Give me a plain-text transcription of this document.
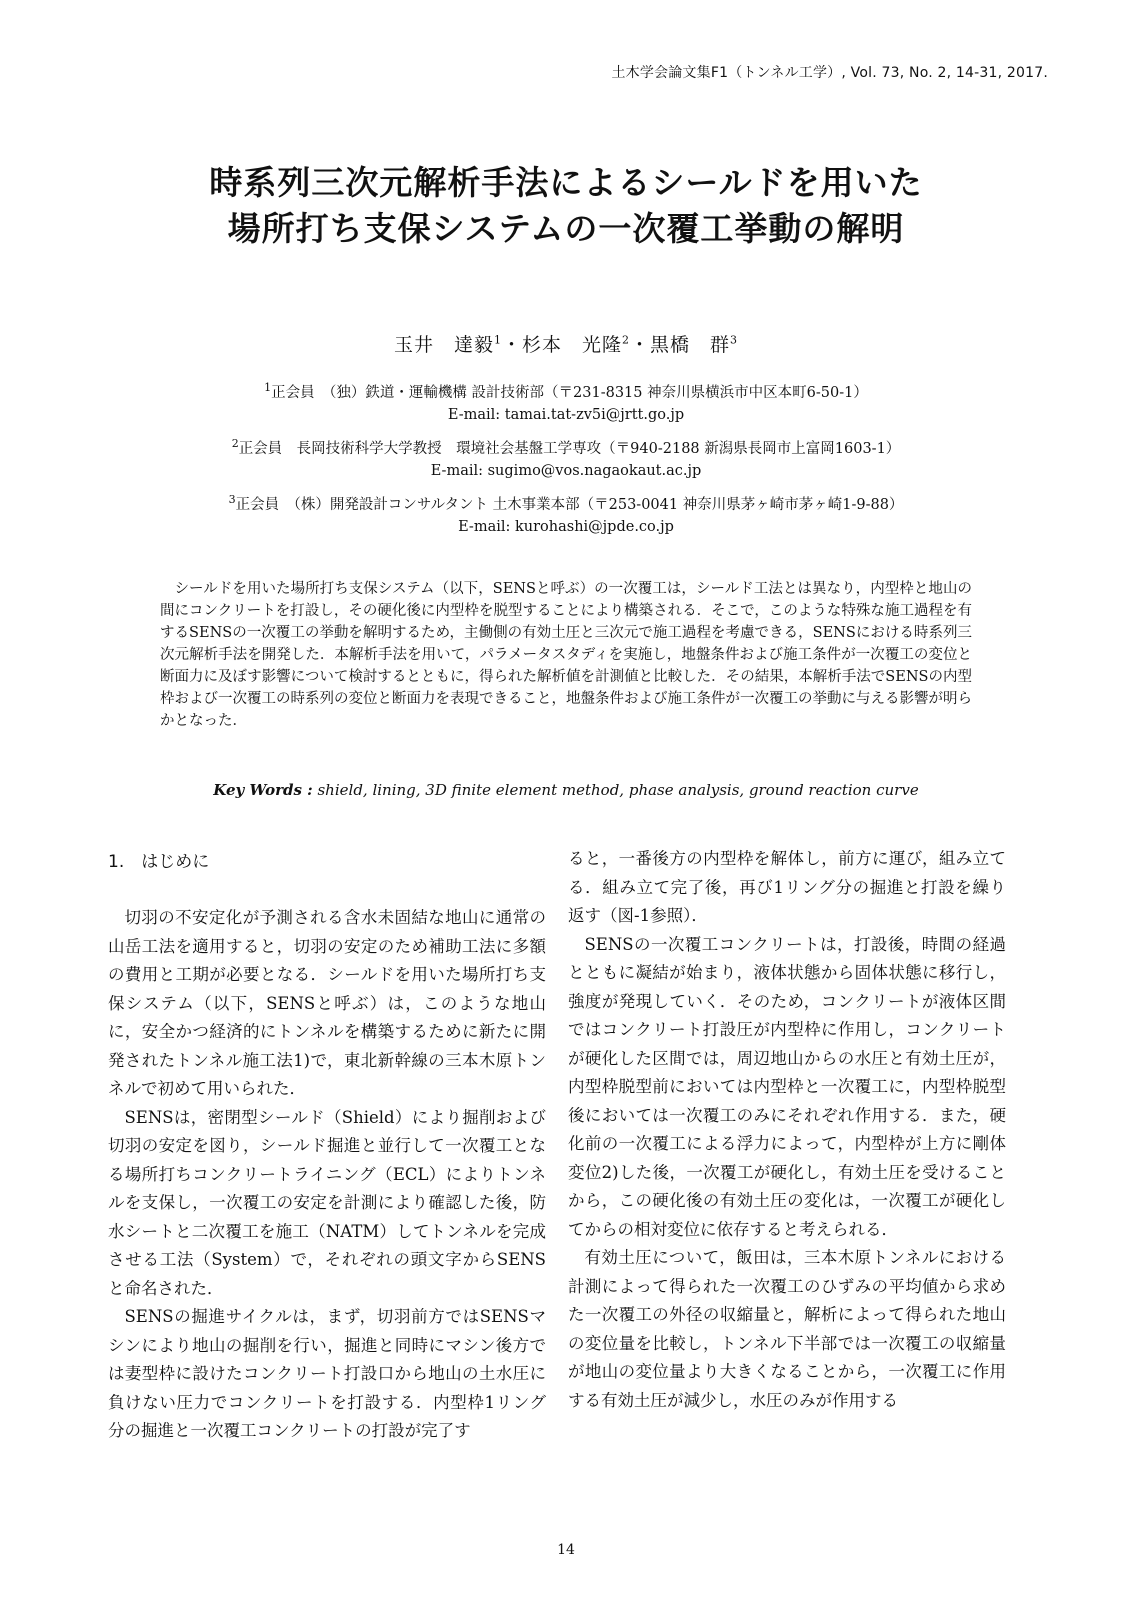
土木学会論文集F1（トンネル工学）, Vol. 73, No. 2, 14-31, 2017.
時系列三次元解析手法によるシールドを用いた
場所打ち支保システムの一次覆工挙動の解明
玉井　達毅$^1$・杉本　光隆$^2$・黒橋　群$^3$
$^1$正会員　（独）鉄道・運輸機構 設計技術部（〒231-8315 神奈川県横浜市中区本町6-50-1）
E-mail: tamai.tat-zv5i@jrtt.go.jp
$^2$正会員　長岡技術科学大学教授　環境社会基盤工学専攻（〒940-2188 新潟県長岡市上富岡1603-1）
E-mail: sugimo@vos.nagaokaut.ac.jp
$^3$正会員　（株）開発設計コンサルタント 土木事業本部（〒253-0041 神奈川県茅ヶ崎市茅ヶ崎1-9-88）
E-mail: kurohashi@jpde.co.jp
シールドを用いた場所打ち支保システム（以下，SENSと呼ぶ）の一次覆工は，シールド工法とは異なり，内型枠と地山の間にコンクリートを打設し，その硬化後に内型枠を脱型することにより構築される．そこで，このような特殊な施工過程を有するSENSの一次覆工の挙動を解明するため，主働側の有効土圧と三次元で施工過程を考慮できる，SENSにおける時系列三次元解析手法を開発した．本解析手法を用いて，パラメータスタディを実施し，地盤条件および施工条件が一次覆工の変位と断面力に及ぼす影響について検討するとともに，得られた解析値を計測値と比較した．その結果，本解析手法でSENSの内型枠および一次覆工の時系列の変位と断面力を表現できること，地盤条件および施工条件が一次覆工の挙動に与える影響が明らかとなった．
Key Words : shield, lining, 3D finite element method, phase analysis, ground reaction curve
1.　はじめに

切羽の不安定化が予測される含水未固結な地山に通常の山岳工法を適用すると，切羽の安定のため補助工法に多額の費用と工期が必要となる．シールドを用いた場所打ち支保システム（以下，SENSと呼ぶ）は，このような地山に，安全かつ経済的にトンネルを構築するために新たに開発されたトンネル施工法1)で，東北新幹線の三本木原トンネルで初めて用いられた．

SENSは，密閉型シールド（Shield）により掘削および切羽の安定を図り，シールド掘進と並行して一次覆工となる場所打ちコンクリートライニング（ECL）によりトンネルを支保し，一次覆工の安定を計測により確認した後，防水シートと二次覆工を施工（NATM）してトンネルを完成させる工法（System）で，それぞれの頭文字からSENSと命名された．

SENSの掘進サイクルは，まず，切羽前方ではSENSマシンにより地山の掘削を行い，掘進と同時にマシン後方では妻型枠に設けたコンクリート打設口から地山の土水圧に負けない圧力でコンクリートを打設する．内型枠1リング分の掘進と一次覆工コンクリートの打設が完了す

ると，一番後方の内型枠を解体し，前方に運び，組み立てる．組み立て完了後，再び1リング分の掘進と打設を繰り返す（図-1参照）．

SENSの一次覆工コンクリートは，打設後，時間の経過とともに凝結が始まり，液体状態から固体状態に移行し，強度が発現していく．そのため，コンクリートが液体区間ではコンクリート打設圧が内型枠に作用し，コンクリートが硬化した区間では，周辺地山からの水圧と有効土圧が，内型枠脱型前においては内型枠と一次覆工に，内型枠脱型後においては一次覆工のみにそれぞれ作用する．また，硬化前の一次覆工による浮力によって，内型枠が上方に剛体変位2)した後，一次覆工が硬化し，有効土圧を受けることから，この硬化後の有効土圧の変化は，一次覆工が硬化してからの相対変位に依存すると考えられる．

有効土圧について，飯田は，三本木原トンネルにおける計測によって得られた一次覆工のひずみの平均値から求めた一次覆工の外径の収縮量と，解析によって得られた地山の変位量を比較し，トンネル下半部では一次覆工の収縮量が地山の変位量より大きくなることから，一次覆工に作用する有効土圧が減少し，水圧のみが作用する

14
